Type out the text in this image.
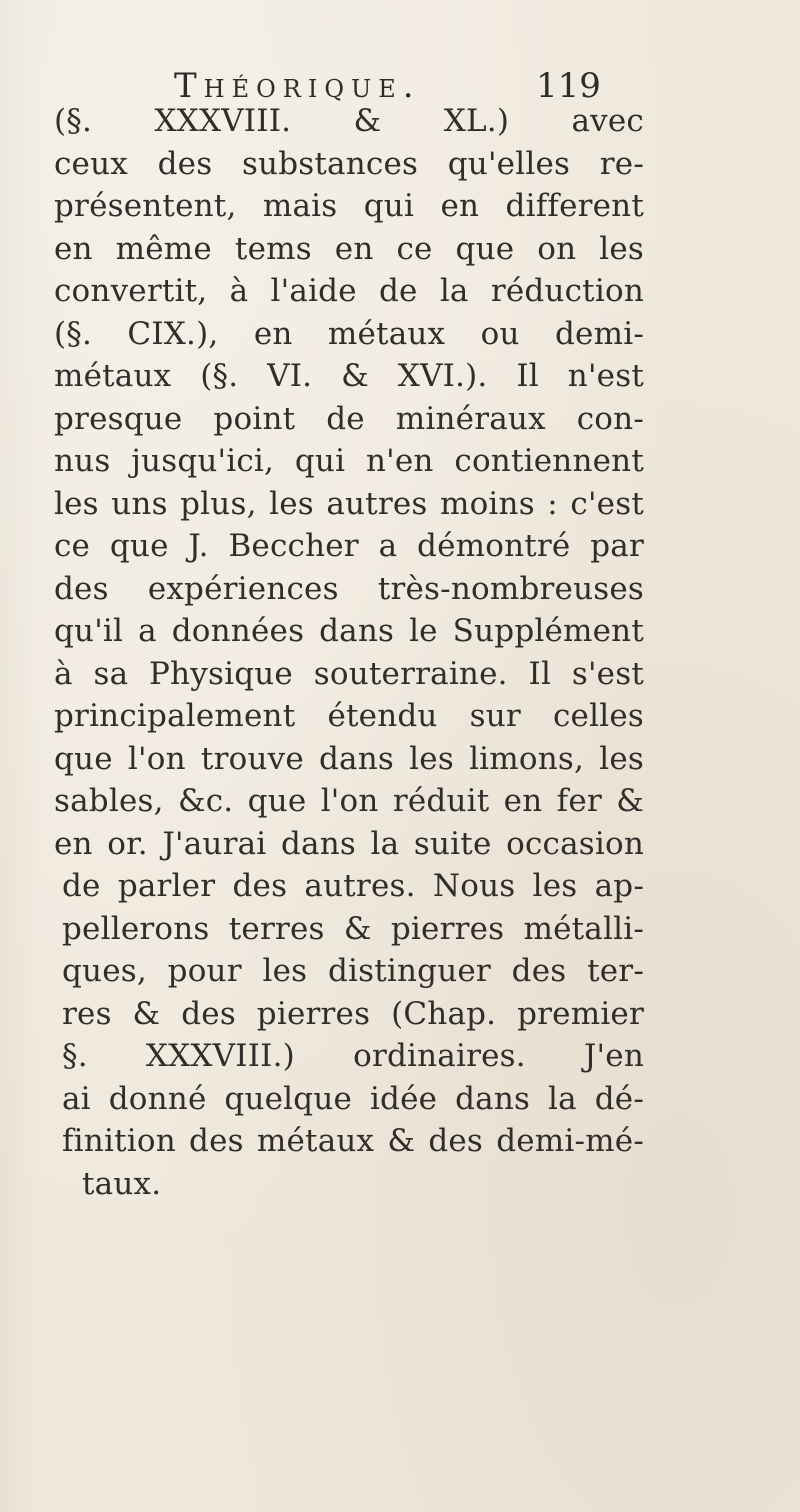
Théorique.	119
(§. XXXVIII. & XL.) avec
ceux des substances qu'elles re-
présentent, mais qui en different
en même tems en ce que on les
convertit, à l'aide de la réduction
(§. CIX.), en métaux ou demi-
métaux (§. VI. & XVI.). Il n'est
presque point de minéraux con-
nus jusqu'ici, qui n'en contiennent
les uns plus, les autres moins : c'est
ce que J. Beccher a démontré par
des expériences très-nombreuses
qu'il a données dans le Supplément
à sa Physique souterraine. Il s'est
principalement étendu sur celles
que l'on trouve dans les limons, les
sables, &c. que l'on réduit en fer &
en or. J'aurai dans la suite occasion
de parler des autres. Nous les ap-
pellerons terres & pierres métalli-
ques, pour les distinguer des ter-
res & des pierres (Chap. premier
§. XXXVIII.) ordinaires. J'en
ai donné quelque idée dans la dé-
finition des métaux & des demi-mé-
taux.
